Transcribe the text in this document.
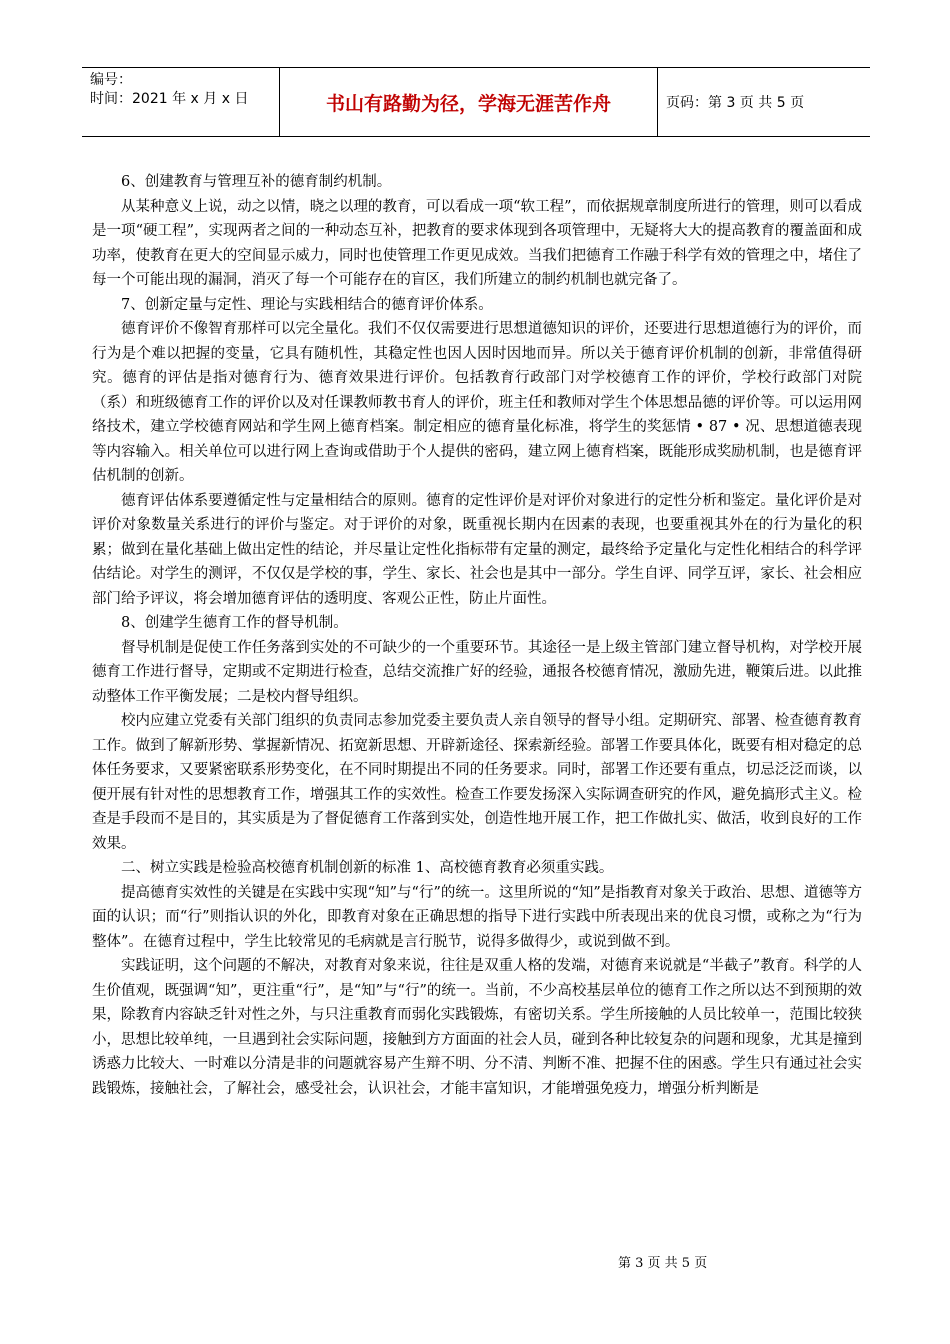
编号：
时间：2021 年 x 月 x 日	书山有路勤为径，学海无涯苦作舟	页码：第 3 页 共 5 页

6、创建教育与管理互补的德育制约机制。

从某种意义上说，动之以情，晓之以理的教育，可以看成一项“软工程”，而依据规章制度所进行的管理，则可以看成是一项“硬工程”，实现两者之间的一种动态互补，把教育的要求体现到各项管理中，无疑将大大的提高教育的覆盖面和成功率，使教育在更大的空间显示威力，同时也使管理工作更见成效。当我们把德育工作融于科学有效的管理之中，堵住了每一个可能出现的漏洞，消灭了每一个可能存在的盲区，我们所建立的制约机制也就完备了。

7、创新定量与定性、理论与实践相结合的德育评价体系。

德育评价不像智育那样可以完全量化。我们不仅仅需要进行思想道德知识的评价，还要进行思想道德行为的评价，而行为是个难以把握的变量，它具有随机性，其稳定性也因人因时因地而异。所以关于德育评价机制的创新，非常值得研究。德育的评估是指对德育行为、德育效果进行评价。包括教育行政部门对学校德育工作的评价，学校行政部门对院（系）和班级德育工作的评价以及对任课教师教书育人的评价，班主任和教师对学生个体思想品德的评价等。可以运用网络技术，建立学校德育网站和学生网上德育档案。制定相应的德育量化标准，将学生的奖惩情 • 87 • 况、思想道德表现等内容输入。相关单位可以进行网上查询或借助于个人提供的密码，建立网上德育档案，既能形成奖励机制，也是德育评估机制的创新。

德育评估体系要遵循定性与定量相结合的原则。德育的定性评价是对评价对象进行的定性分析和鉴定。量化评价是对评价对象数量关系进行的评价与鉴定。对于评价的对象，既重视长期内在因素的表现，也要重视其外在的行为量化的积累；做到在量化基础上做出定性的结论，并尽量让定性化指标带有定量的测定，最终给予定量化与定性化相结合的科学评估结论。对学生的测评，不仅仅是学校的事，学生、家长、社会也是其中一部分。学生自评、同学互评，家长、社会相应部门给予评议，将会增加德育评估的透明度、客观公正性，防止片面性。

8、创建学生德育工作的督导机制。

督导机制是促使工作任务落到实处的不可缺少的一个重要环节。其途径一是上级主管部门建立督导机构，对学校开展德育工作进行督导，定期或不定期进行检查，总结交流推广好的经验，通报各校德育情况，激励先进，鞭策后进。以此推动整体工作平衡发展；二是校内督导组织。

校内应建立党委有关部门组织的负责同志参加党委主要负责人亲自领导的督导小组。定期研究、部署、检查德育教育工作。做到了解新形势、掌握新情况、拓宽新思想、开辟新途径、探索新经验。部署工作要具体化，既要有相对稳定的总体任务要求，又要紧密联系形势变化，在不同时期提出不同的任务要求。同时，部署工作还要有重点，切忌泛泛而谈，以便开展有针对性的思想教育工作，增强其工作的实效性。检查工作要发扬深入实际调查研究的作风，避免搞形式主义。检查是手段而不是目的，其实质是为了督促德育工作落到实处，创造性地开展工作，把工作做扎实、做活，收到良好的工作效果。

二、树立实践是检验高校德育机制创新的标准 1、高校德育教育必须重实践。

提高德育实效性的关键是在实践中实现“知”与“行”的统一。这里所说的“知”是指教育对象关于政治、思想、道德等方面的认识；而“行”则指认识的外化，即教育对象在正确思想的指导下进行实践中所表现出来的优良习惯，或称之为“行为整体”。在德育过程中，学生比较常见的毛病就是言行脱节，说得多做得少，或说到做不到。

实践证明，这个问题的不解决，对教育对象来说，往往是双重人格的发端，对德育来说就是“半截子”教育。科学的人生价值观，既强调“知”，更注重“行”，是“知”与“行”的统一。当前，不少高校基层单位的德育工作之所以达不到预期的效果，除教育内容缺乏针对性之外，与只注重教育而弱化实践锻炼，有密切关系。学生所接触的人员比较单一，范围比较狭小，思想比较单纯，一旦遇到社会实际问题，接触到方方面面的社会人员，碰到各种比较复杂的问题和现象，尤其是撞到诱惑力比较大、一时难以分清是非的问题就容易产生辩不明、分不清、判断不准、把握不住的困惑。学生只有通过社会实践锻炼，接触社会，了解社会，感受社会，认识社会，才能丰富知识，才能增强免疫力，增强分析判断是

第 3 页 共 5 页
